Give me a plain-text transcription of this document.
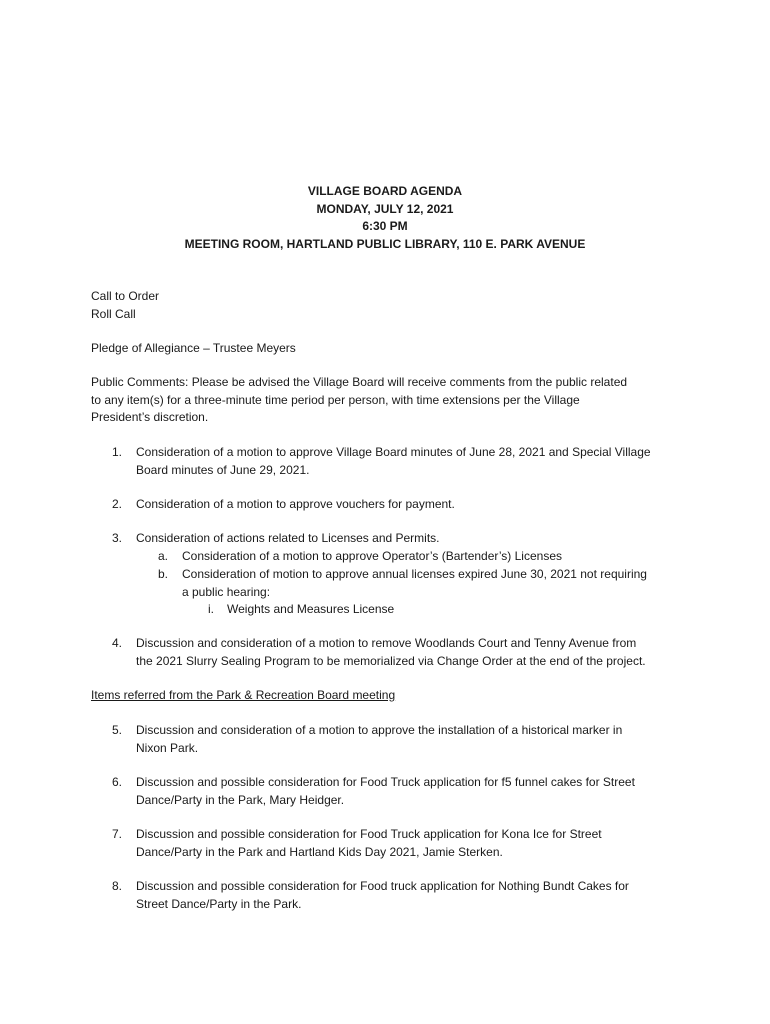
VILLAGE BOARD AGENDA
MONDAY, JULY 12, 2021
6:30 PM
MEETING ROOM, HARTLAND PUBLIC LIBRARY, 110 E. PARK AVENUE
Call to Order
Roll Call
Pledge of Allegiance – Trustee Meyers
Public Comments: Please be advised the Village Board will receive comments from the public related
to any item(s) for a three-minute time period per person, with time extensions per the Village
President’s discretion.
1.	Consideration of a motion to approve Village Board minutes of June 28, 2021 and Special Village
Board minutes of June 29, 2021.
2.	Consideration of a motion to approve vouchers for payment.
3.	Consideration of actions related to Licenses and Permits.
a.	Consideration of a motion to approve Operator’s (Bartender’s) Licenses
b.	Consideration of motion to approve annual licenses expired June 30, 2021 not requiring
a public hearing:
i.	Weights and Measures License
4.	Discussion and consideration of a motion to remove Woodlands Court and Tenny Avenue from
the 2021 Slurry Sealing Program to be memorialized via Change Order at the end of the project.
Items referred from the Park & Recreation Board meeting
5.	Discussion and consideration of a motion to approve the installation of a historical marker in
Nixon Park.
6.	Discussion and possible consideration for Food Truck application for f5 funnel cakes for Street
Dance/Party in the Park, Mary Heidger.
7.	Discussion and possible consideration for Food Truck application for Kona Ice for Street
Dance/Party in the Park and Hartland Kids Day 2021, Jamie Sterken.
8.	Discussion and possible consideration for Food truck application for Nothing Bundt Cakes for
Street Dance/Party in the Park.
